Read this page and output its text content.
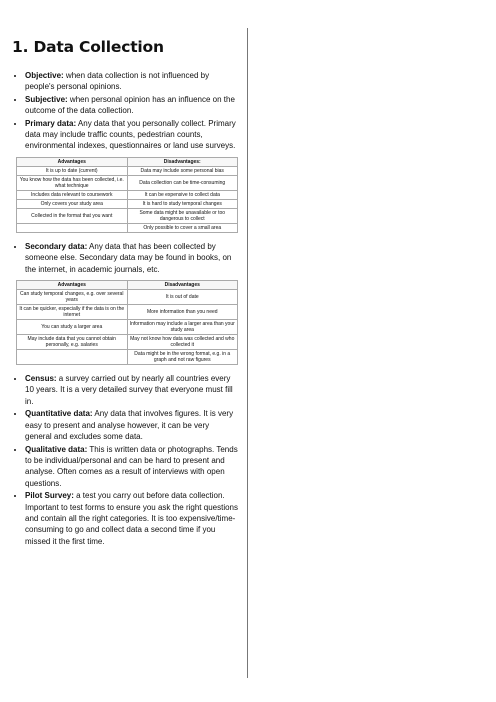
1. Data Collection
• Objective: when data collection is not influenced by people's personal opinions.
• Subjective: when personal opinion has an influence on the outcome of the data collection.
• Primary data: Any data that you personally collect. Primary data may include traffic counts, pedestrian counts, environmental indexes, questionnaires or land use surveys.
Advantages	Disadvantages:
It is up to date (current)	Data may include some personal bias
You know how the data has been collected, i.e. what technique	Data collection can be time-consuming
Includes data relevant to coursework	It can be expensive to collect data
Only covers your study area	It is hard to study temporal changes
Collected in the format that you want	Some data might be unavailable or too dangerous to collect
	Only possible to cover a small area
• Secondary data: Any data that has been collected by someone else. Secondary data may be found in books, on the internet, in academic journals, etc.
Advantages	Disadvantages
Can study temporal changes, e.g. over several years	It is out of date
It can be quicker, especially if the data is on the internet	More information than you need
You can study a larger area	Information may include a larger area than your study area
May include data that you cannot obtain personally, e.g. salaries	May not know how data was collected and who collected it
	Data might be in the wrong format, e.g. in a graph and not raw figures
• Census: a survey carried out by nearly all countries every 10 years. It is a very detailed survey that everyone must fill in.
• Quantitative data: Any data that involves figures. It is very easy to present and analyse however, it can be very general and excludes some data.
• Qualitative data: This is written data or photographs. Tends to be individual/personal and can be hard to present and analyse. Often comes as a result of interviews with open questions.
• Pilot Survey: a test you carry out before data collection. Important to test forms to ensure you ask the right questions and contain all the right categories. It is too expensive/time-consuming to go and collect data a second time if you missed it the first time.
